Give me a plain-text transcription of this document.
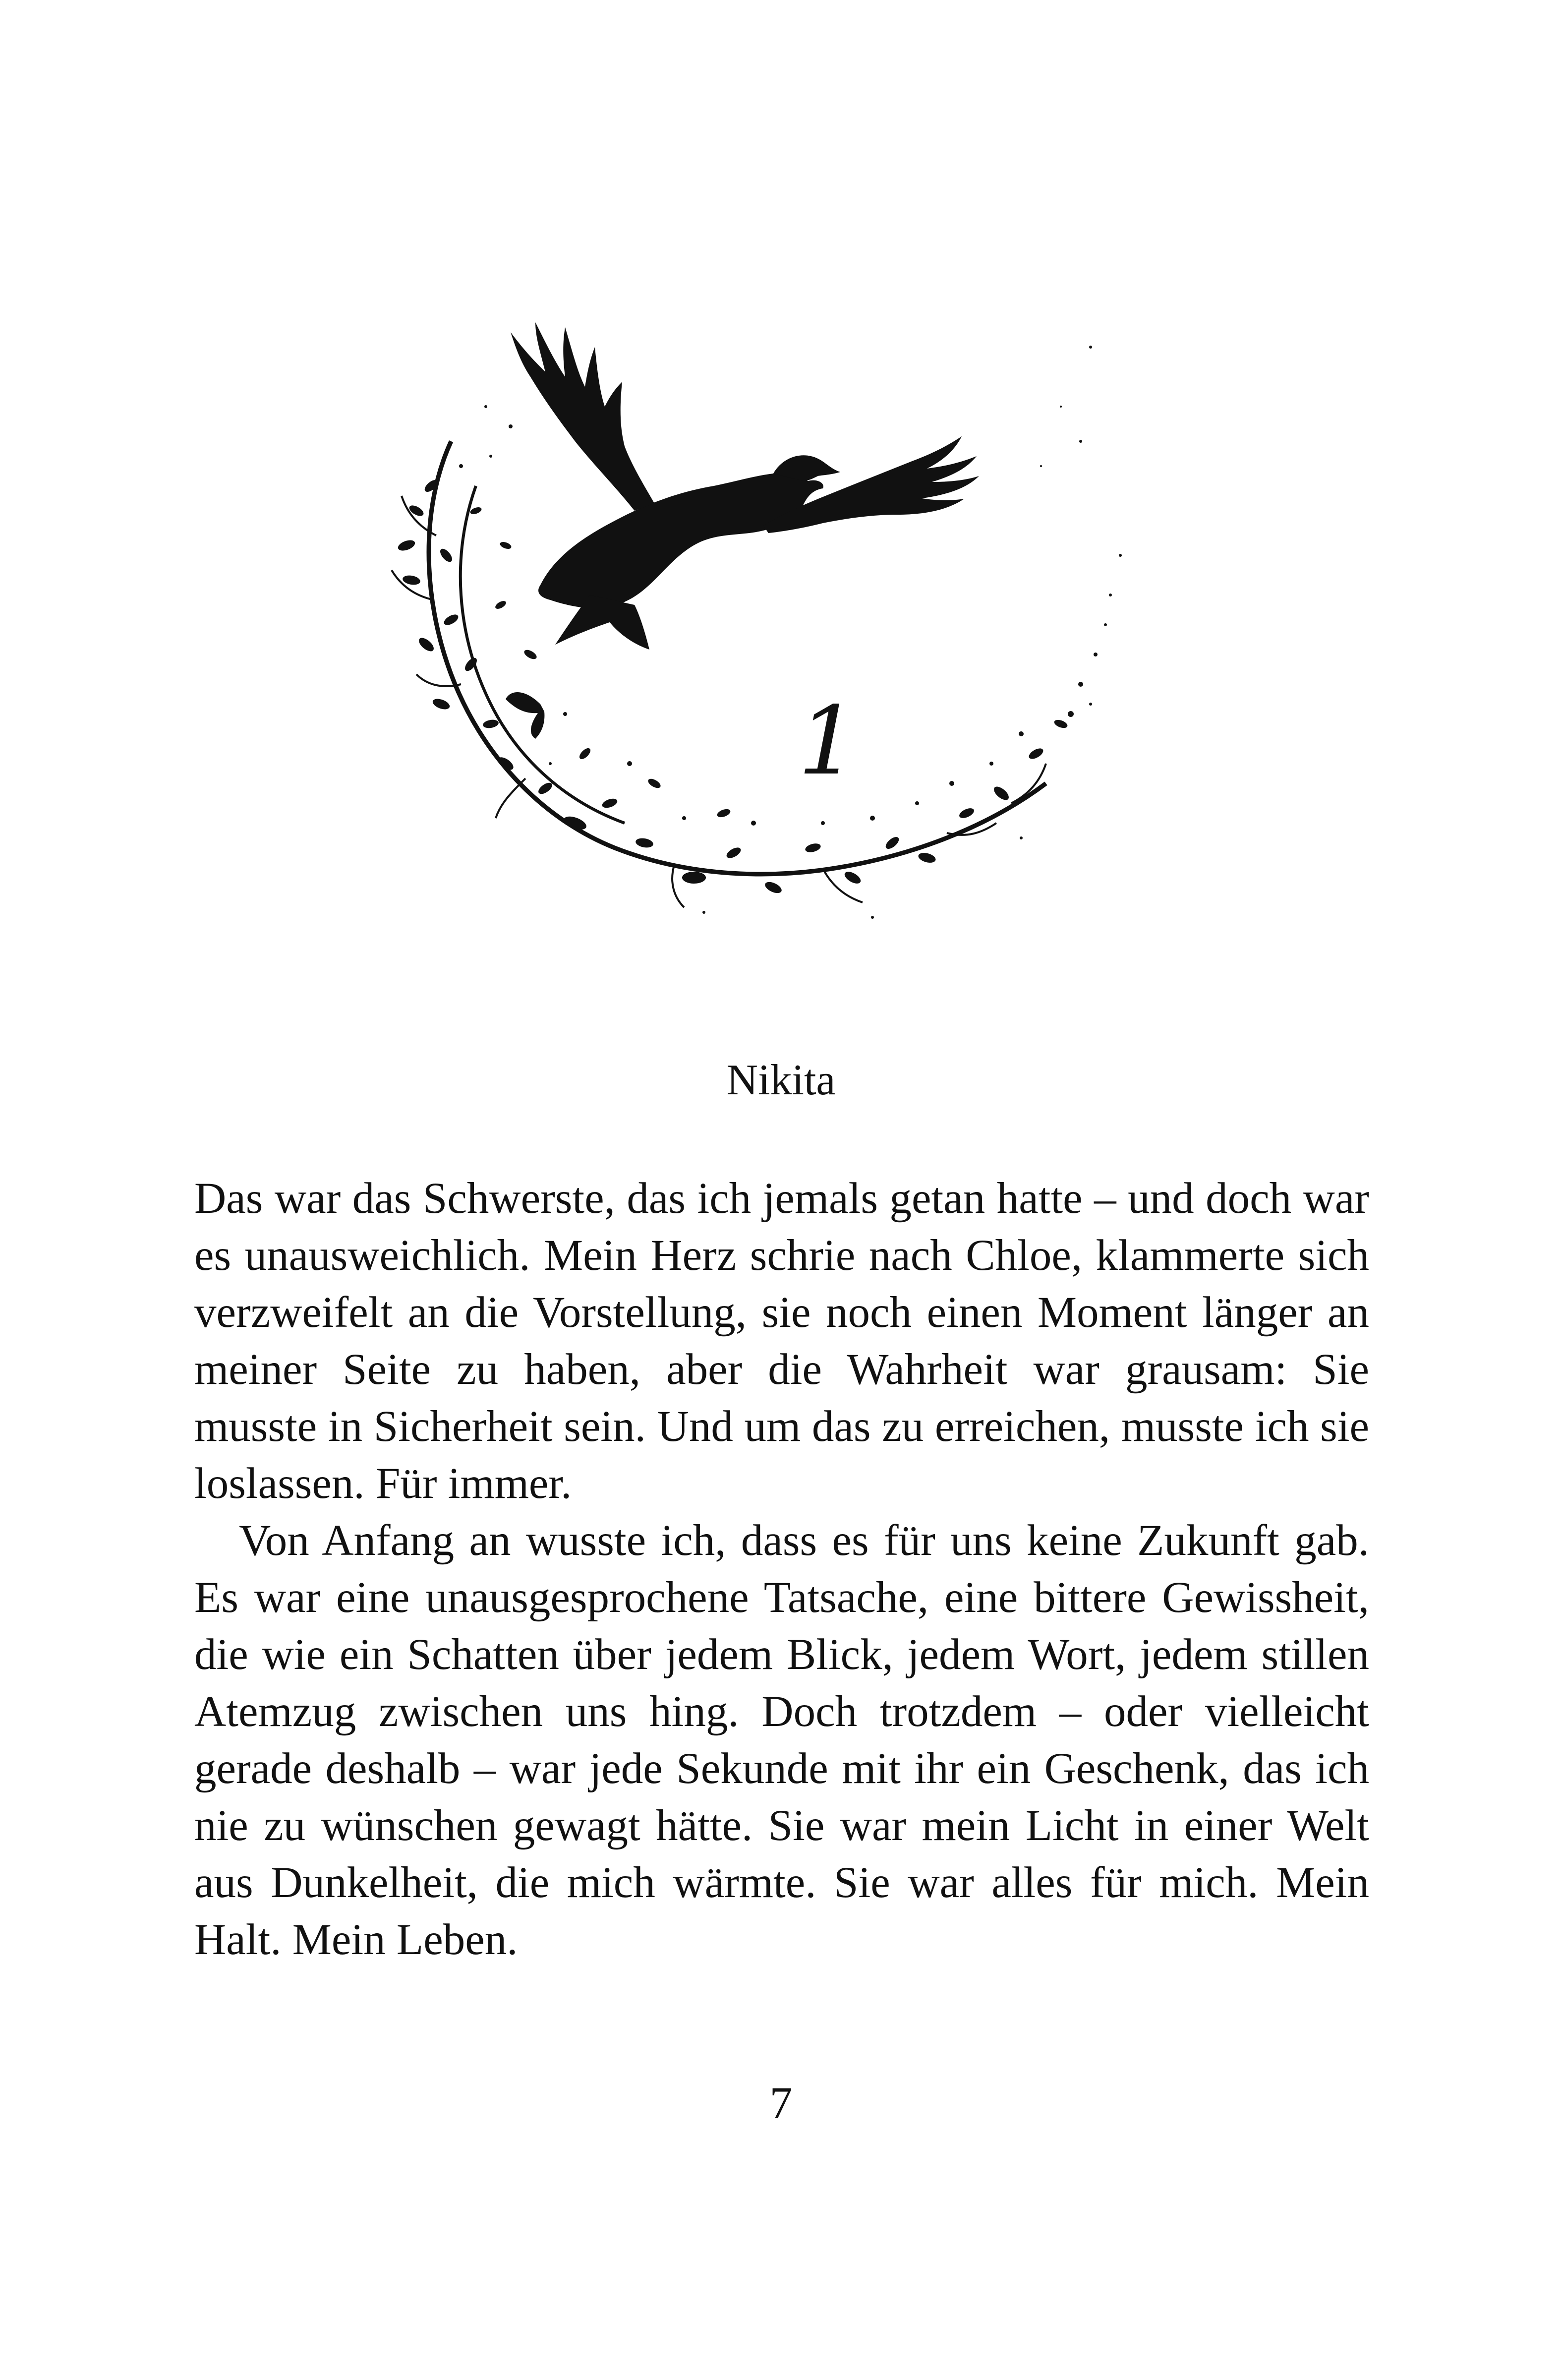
1
Nikita

Das war das Schwerste, das ich jemals getan hatte – und doch war es unausweichlich. Mein Herz schrie nach Chloe, klammerte sich verzweifelt an die Vorstellung, sie noch einen Moment länger an meiner Seite zu haben, aber die Wahrheit war grausam: Sie musste in Sicherheit sein. Und um das zu erreichen, musste ich sie loslassen. Für immer.

Von Anfang an wusste ich, dass es für uns keine Zukunft gab. Es war eine unausgesprochene Tatsache, eine bittere Gewissheit, die wie ein Schatten über jedem Blick, jedem Wort, jedem stillen Atemzug zwischen uns hing. Doch trotzdem – oder vielleicht gerade deshalb – war jede Sekunde mit ihr ein Geschenk, das ich nie zu wünschen gewagt hätte. Sie war mein Licht in einer Welt aus Dunkelheit, die mich wärmte. Sie war alles für mich. Mein Halt. Mein Leben.

7
